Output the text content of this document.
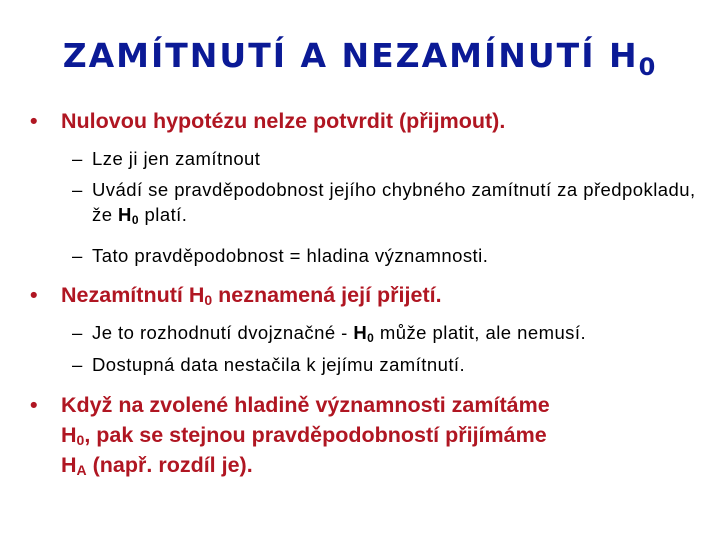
ZAMÍTNUTÍ A NEZAMÍNUTÍ $H_0$
• Nulovou hypotézu nelze potvrdit (přijmout).
– Lze ji jen zamítnout
– Uvádí se pravděpodobnost jejího chybného zamítnutí za předpokladu, že $H_0$ platí.
– Tato pravděpodobnost = hladina významnosti.
• Nezamítnutí $H_0$ neznamená její přijetí.
– Je to rozhodnutí dvojznačné - $H_0$ může platit, ale nemusí.
– Dostupná data nestačila k jejímu zamítnutí.
• Když na zvolené hladině významnosti zamítáme
$H_0$, pak se stejnou pravděpodobností přijímáme
$H_A$ (např. rozdíl je).
